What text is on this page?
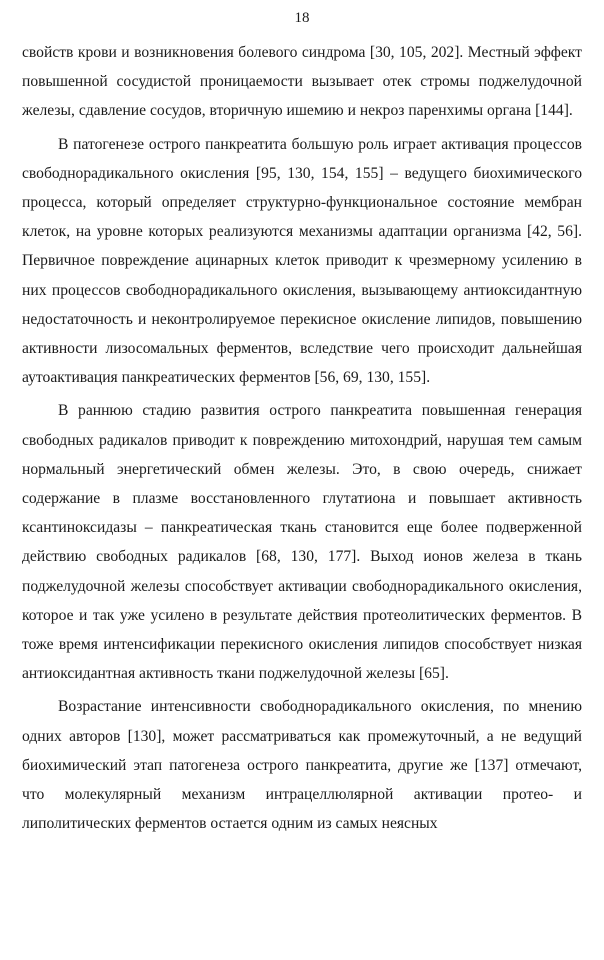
18

свойств крови и возникновения болевого синдрома [30, 105, 202]. Местный эффект повышенной сосудистой проницаемости вызывает отек стромы поджелудочной железы, сдавление сосудов, вторичную ишемию и некроз паренхимы органа [144].

В патогенезе острого панкреатита большую роль играет активация процессов свободнорадикального окисления [95, 130, 154, 155] – ведущего биохимического процесса, который определяет структурно-функциональное состояние мембран клеток, на уровне которых реализуются механизмы адаптации организма [42, 56]. Первичное повреждение ацинарных клеток приводит к чрезмерному усилению в них процессов свободнорадикального окисления, вызывающему антиоксидантную недостаточность и неконтролируемое перекисное окисление липидов, повышению активности лизосомальных ферментов, вследствие чего происходит дальнейшая аутоактивация панкреатических ферментов [56, 69, 130, 155].

В раннюю стадию развития острого панкреатита повышенная генерация свободных радикалов приводит к повреждению митохондрий, нарушая тем самым нормальный энергетический обмен железы. Это, в свою очередь, снижает содержание в плазме восстановленного глутатиона и повышает активность ксантиноксидазы – панкреатическая ткань становится еще более подверженной действию свободных радикалов [68, 130, 177]. Выход ионов железа в ткань поджелудочной железы способствует активации свободнорадикального окисления, которое и так уже усилено в результате действия протеолитических ферментов. В тоже время интенсификации перекисного окисления липидов способствует низкая антиоксидантная активность ткани поджелудочной железы [65].

Возрастание интенсивности свободнорадикального окисления, по мнению одних авторов [130], может рассматриваться как промежуточный, а не ведущий биохимический этап патогенеза острого панкреатита, другие же [137] отмечают, что молекулярный механизм интрацеллюлярной активации протео- и липолитических ферментов остается одним из самых неясных
